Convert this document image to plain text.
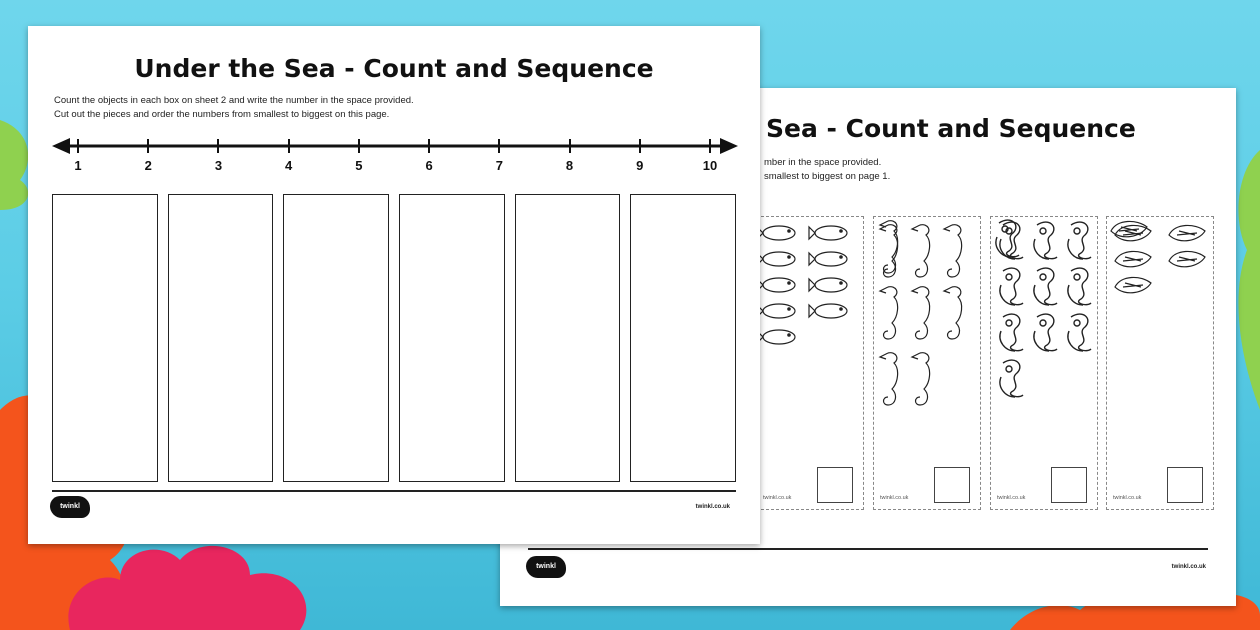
Sea - Count and Sequence
mber in the space provided.
smallest to biggest on page 1.
twinkl.co.uk	twinkl.co.uk	twinkl.co.uk	twinkl.co.uk
twinkl	twinkl.co.uk
Under the Sea - Count and Sequence
Count the objects in each box on sheet 2 and write the number in the space provided.
Cut out the pieces and order the numbers from smallest to biggest on this page.
1	2	3	4	5	6	7	8	9	10
twinkl	twinkl.co.uk
